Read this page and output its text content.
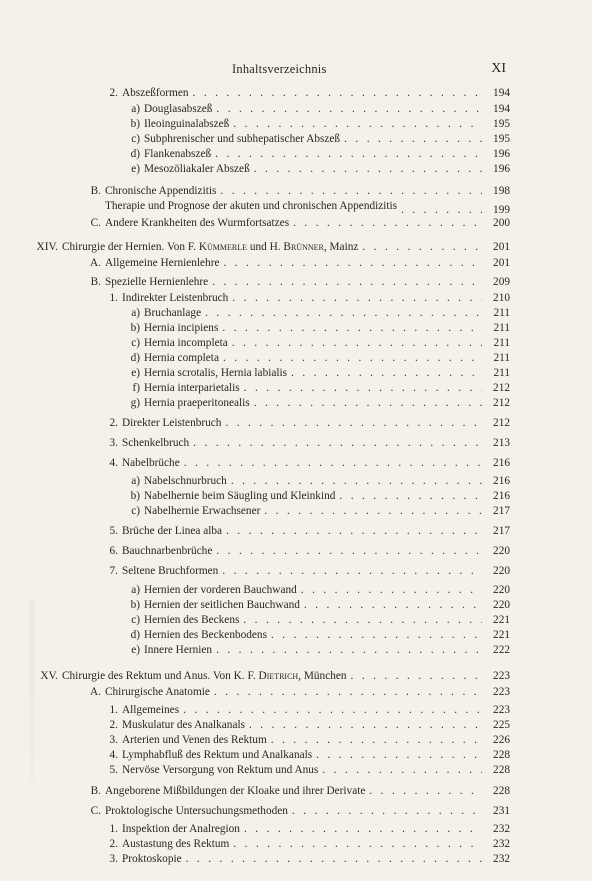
Inhaltsverzeichnis	XI
2. Abszeßformen . .	194
a) Douglasabszeß . .	194
b) Ileoinguinalabszeß . .	195
c) Subphrenischer und subhepatischer Abszeß . .	195
d) Flankenabszeß . .	196
e) Mesozöliakaler Abszeß . .	196
B. Chronische Appendizitis . .	198
Therapie und Prognose der akuten und chronischen Appendizitis . .	199
C. Andere Krankheiten des Wurmfortsatzes . .	200
XIV. Chirurgie der Hernien. Von F. Kümmerle und H. Brünner, Mainz . .	201
A. Allgemeine Hernienlehre . .	201
B. Spezielle Hernienlehre . .	209
1. Indirekter Leistenbruch . .	210
a) Bruchanlage . .	211
b) Hernia incipiens . .	211
c) Hernia incompleta . .	211
d) Hernia completa . .	211
e) Hernia scrotalis, Hernia labialis . .	211
f) Hernia interparietalis . .	212
g) Hernia praeperitonealis . .	212
2. Direkter Leistenbruch . .	212
3. Schenkelbruch . .	213
4. Nabelbrüche . .	216
a) Nabelschnurbruch . .	216
b) Nabelhernie beim Säugling und Kleinkind . .	216
c) Nabelhernie Erwachsener . .	217
5. Brüche der Linea alba . .	217
6. Bauchnarbenbrüche . .	220
7. Seltene Bruchformen . .	220
a) Hernien der vorderen Bauchwand . .	220
b) Hernien der seitlichen Bauchwand . .	220
c) Hernien des Beckens . .	221
d) Hernien des Beckenbodens . .	221
e) Innere Hernien . .	222
XV. Chirurgie des Rektum und Anus. Von K. F. Dietrich, München . .	223
A. Chirurgische Anatomie . .	223
1. Allgemeines . .	223
2. Muskulatur des Analkanals . .	225
3. Arterien und Venen des Rektum . .	226
4. Lymphabfluß des Rektum und Analkanals . .	228
5. Nervöse Versorgung von Rektum und Anus . .	228
B. Angeborene Mißbildungen der Kloake und ihrer Derivate . .	228
C. Proktologische Untersuchungsmethoden . .	231
1. Inspektion der Analregion . .	232
2. Austastung des Rektum . .	232
3. Proktoskopie . .	232
